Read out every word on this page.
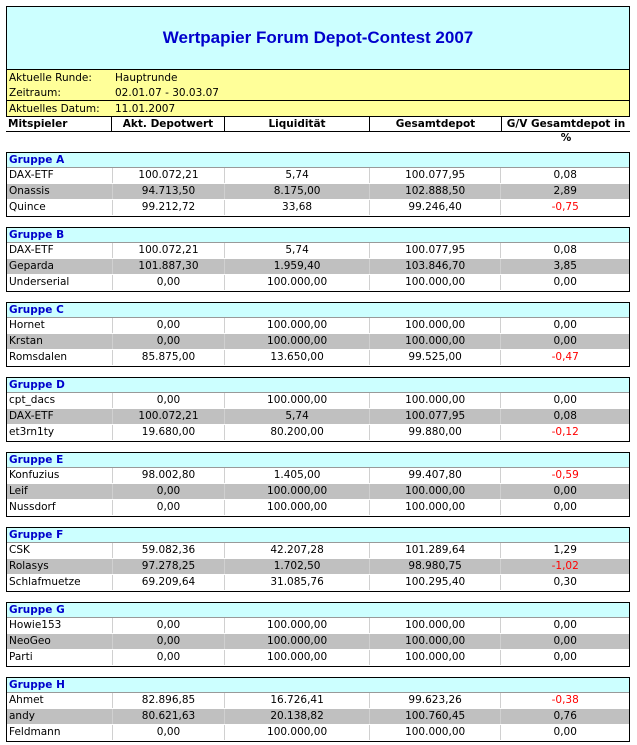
Wertpapier Forum Depot-Contest 2007
Aktuelle Runde:	Hauptrunde
Zeitraum:	02.01.07 - 30.03.07
Aktuelles Datum:	11.01.2007
Mitspieler	Akt. Depotwert	Liquidität	Gesamtdepot	G/V Gesamtdepot in %
Gruppe A
DAX-ETF	100.072,21	5,74	100.077,95	0,08
Onassis	94.713,50	8.175,00	102.888,50	2,89
Quince	99.212,72	33,68	99.246,40	-0,75
Gruppe B
DAX-ETF	100.072,21	5,74	100.077,95	0,08
Geparda	101.887,30	1.959,40	103.846,70	3,85
Underserial	0,00	100.000,00	100.000,00	0,00
Gruppe C
Hornet	0,00	100.000,00	100.000,00	0,00
Krstan	0,00	100.000,00	100.000,00	0,00
Romsdalen	85.875,00	13.650,00	99.525,00	-0,47
Gruppe D
cpt_dacs	0,00	100.000,00	100.000,00	0,00
DAX-ETF	100.072,21	5,74	100.077,95	0,08
et3rn1ty	19.680,00	80.200,00	99.880,00	-0,12
Gruppe E
Konfuzius	98.002,80	1.405,00	99.407,80	-0,59
Leif	0,00	100.000,00	100.000,00	0,00
Nussdorf	0,00	100.000,00	100.000,00	0,00
Gruppe F
CSK	59.082,36	42.207,28	101.289,64	1,29
Rolasys	97.278,25	1.702,50	98.980,75	-1,02
Schlafmuetze	69.209,64	31.085,76	100.295,40	0,30
Gruppe G
Howie153	0,00	100.000,00	100.000,00	0,00
NeoGeo	0,00	100.000,00	100.000,00	0,00
Parti	0,00	100.000,00	100.000,00	0,00
Gruppe H
Ahmet	82.896,85	16.726,41	99.623,26	-0,38
andy	80.621,63	20.138,82	100.760,45	0,76
Feldmann	0,00	100.000,00	100.000,00	0,00
